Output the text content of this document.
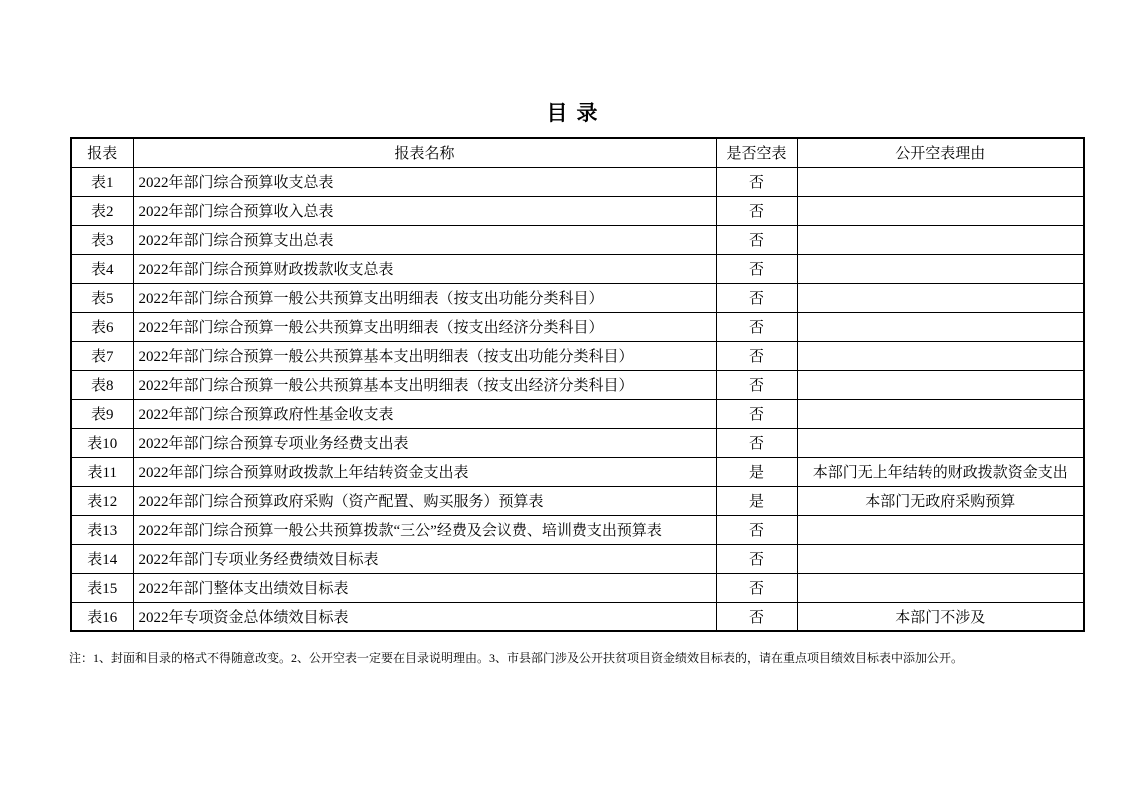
目录
报表	报表名称	是否空表	公开空表理由
表1	2022年部门综合预算收支总表	否	
表2	2022年部门综合预算收入总表	否	
表3	2022年部门综合预算支出总表	否	
表4	2022年部门综合预算财政拨款收支总表	否	
表5	2022年部门综合预算一般公共预算支出明细表（按支出功能分类科目）	否	
表6	2022年部门综合预算一般公共预算支出明细表（按支出经济分类科目）	否	
表7	2022年部门综合预算一般公共预算基本支出明细表（按支出功能分类科目）	否	
表8	2022年部门综合预算一般公共预算基本支出明细表（按支出经济分类科目）	否	
表9	2022年部门综合预算政府性基金收支表	否	
表10	2022年部门综合预算专项业务经费支出表	否	
表11	2022年部门综合预算财政拨款上年结转资金支出表	是	本部门无上年结转的财政拨款资金支出
表12	2022年部门综合预算政府采购（资产配置、购买服务）预算表	是	本部门无政府采购预算
表13	2022年部门综合预算一般公共预算拨款“三公”经费及会议费、培训费支出预算表	否	
表14	2022年部门专项业务经费绩效目标表	否	
表15	2022年部门整体支出绩效目标表	否	
表16	2022年专项资金总体绩效目标表	否	本部门不涉及
注：1、封面和目录的格式不得随意改变。2、公开空表一定要在目录说明理由。3、市县部门涉及公开扶贫项目资金绩效目标表的，请在重点项目绩效目标表中添加公开。
